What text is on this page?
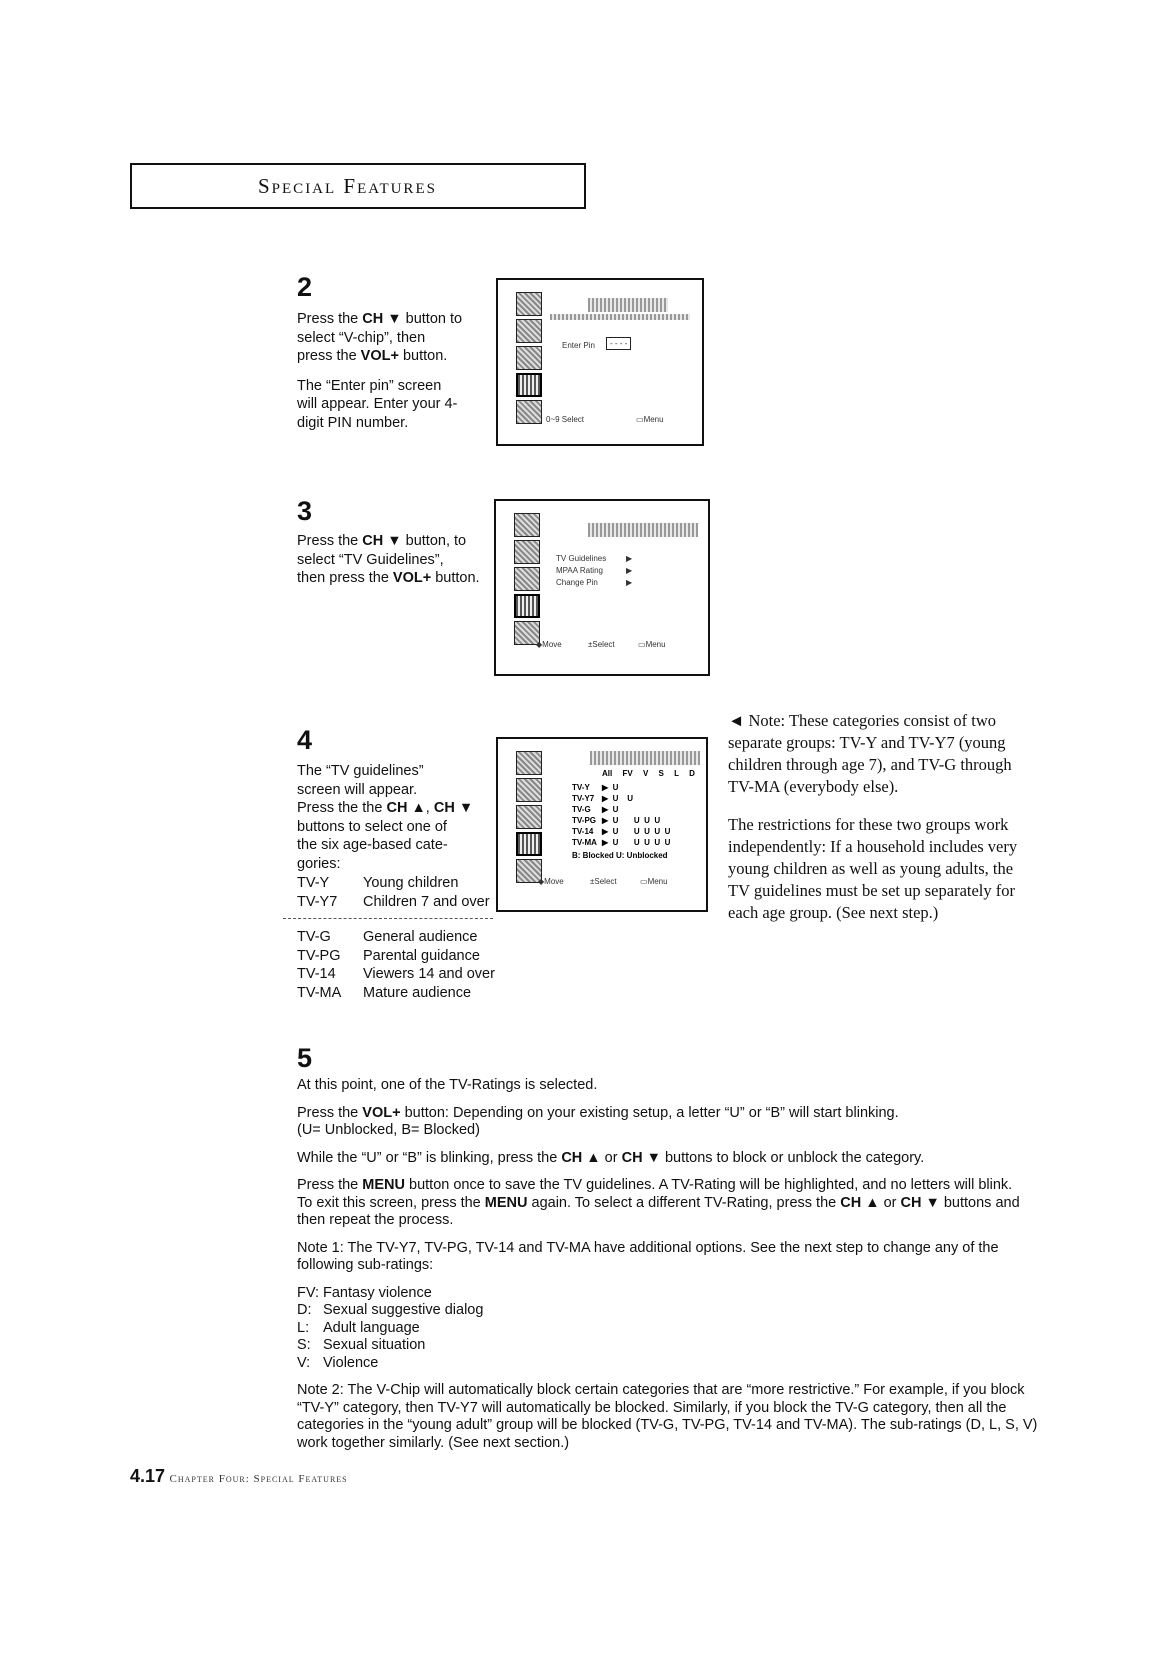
Special Features
2

Press the CH ▼ button to

select “V-chip”, then

press the VOL+ button.

The “Enter pin” screen

will appear. Enter your 4-

digit PIN number.

Enter Pin	- - - -
0~9 Select	▭Menu
3

Press the CH ▼ button, to

select “TV Guidelines”,

then press the VOL+ button.

TV Guidelines ▶
MPAA Rating	▶
Change Pin	▶
◆Move	±Select	▭Menu
4

The “TV guidelines”

screen will appear.

Press the the CH ▲, CH ▼

buttons to select one of

the six age-based cate-

gories:

TV-Y Young children

TV-Y7 Children 7 and over

TV-G General audience

TV-PG Parental guidance

TV-14 Viewers 14 and over

TV-MA Mature audience

All FV V S L D
TV-Y ▶  U
TV-Y7 ▶  U    U
TV-G ▶  U
TV-PG ▶  U       U  U  U
TV-14 ▶  U       U  U  U  U
TV-MA ▶  U       U  U  U  U
B: Blocked U: Unblocked
◆Move	±Select	▭Menu

◄ Note: These categories consist of two separate groups: TV-Y and TV-Y7 (young children through age 7), and TV-G through TV-MA (everybody else).

The restrictions for these two groups work independently: If a household includes very young children as well as young adults, the TV guidelines must be set up separately for each age group. (See next step.)

5

At this point, one of the TV-Ratings is selected.

Press the VOL+ button: Depending on your existing setup, a letter “U” or “B” will start blinking.

(U= Unblocked, B= Blocked)

While the “U” or “B” is blinking, press the CH ▲ or CH ▼ buttons to block or unblock the category.

Press the MENU button once to save the TV guidelines. A TV-Rating will be highlighted, and no letters will blink.

To exit this screen, press the MENU again. To select a different TV-Rating, press the CH ▲ or CH ▼ buttons and

then repeat the process.

Note 1: The TV-Y7, TV-PG, TV-14 and TV-MA have additional options. See the next step to change any of the

following sub-ratings:

FV: Fantasy violence

D: Sexual suggestive dialog

L: Adult language

S: Sexual situation

V: Violence

Note 2: The V-Chip will automatically block certain categories that are “more restrictive.” For example, if you block

“TV-Y” category, then TV-Y7 will automatically be blocked. Similarly, if you block the TV-G category, then all the

categories in the “young adult” group will be blocked (TV-G, TV-PG, TV-14 and TV-MA). The sub-ratings (D, L, S, V)

work together similarly. (See next section.)

4.17 Chapter Four: Special Features
